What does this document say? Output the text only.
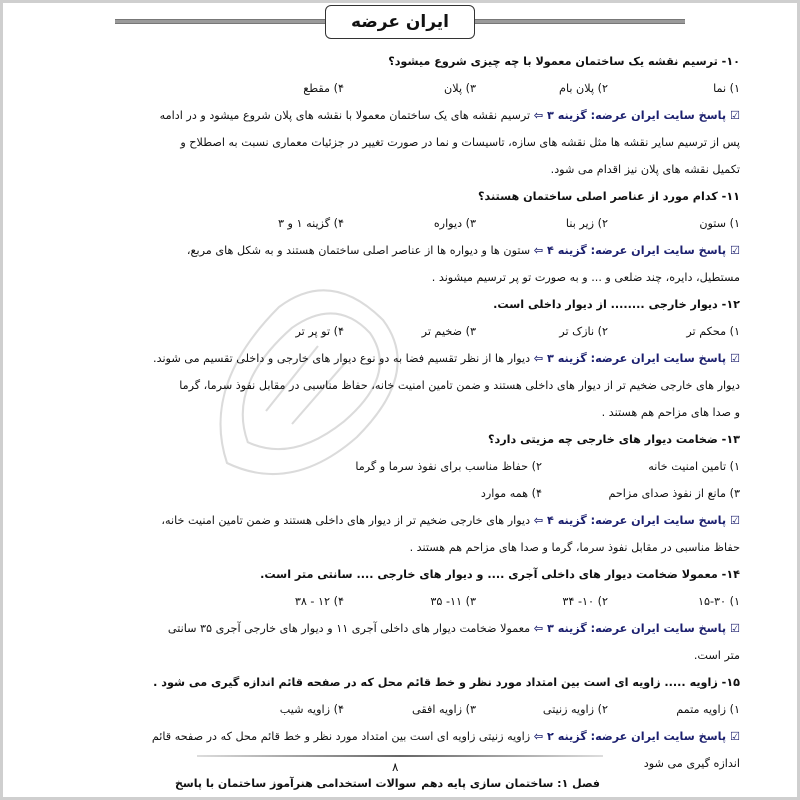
ایران عرضه
۱۰- ترسیم نقشه یک ساختمان معمولا با چه چیزی شروع میشود؟
۱) نما
۲) پلان بام
۳) پلان
۴) مقطع
☑ پاسخ سایت ایران عرضه: گزینه ۳ ⇦ ترسیم نقشه های یک ساختمان معمولا با نقشه های پلان شروع میشود و در ادامه
پس از ترسیم سایر نقشه ها مثل نقشه های سازه، تاسیسات و نما در صورت تغییر در جزئیات معماری نسبت به اصطلاح و
تکمیل نقشه های پلان نیز اقدام می شود.
۱۱- کدام مورد از عناصر اصلی ساختمان هستند؟
۱) ستون
۲) زیر بنا
۳) دیواره
۴) گزینه ۱ و ۳
☑ پاسخ سایت ایران عرضه: گزینه ۴ ⇦ ستون ها و دیواره ها از عناصر اصلی ساختمان هستند و به شکل های مربع،
مستطیل، دایره، چند ضلعی و ... و به صورت تو پر ترسیم میشوند .
۱۲- دیوار خارجی ........ از دیوار داخلی است.
۱) محکم تر
۲) نازک تر
۳) ضخیم تر
۴) تو پر تر
☑ پاسخ سایت ایران عرضه: گزینه ۳ ⇦ دیوار ها از نظر تقسیم فضا به دو نوع دیوار های خارجی و داخلی تقسیم می شوند.
دیوار های خارجی ضخیم تر از دیوار های داخلی هستند و ضمن تامین امنیت خانه، حفاظ مناسبی در مقابل نفوذ سرما، گرما
و صدا های مزاحم هم هستند .
۱۳- ضخامت دیوار های خارجی چه مزیتی دارد؟
۱) تامین امنیت خانه
۲) حفاظ مناسب برای نفوذ سرما و گرما
۳) مانع از نفوذ صدای مزاحم
۴) همه موارد
☑ پاسخ سایت ایران عرضه: گزینه ۴ ⇦ دیوار های خارجی ضخیم تر از دیوار های داخلی هستند و ضمن تامین امنیت خانه،
حفاظ مناسبی در مقابل نفوذ سرما، گرما و صدا های مزاحم هم هستند .
۱۴- معمولا ضخامت دیوار های داخلی آجری .... و دیوار های خارجی .... سانتی متر است.
۱) ۱۵-۳۰
۲) ۱۰- ۳۴
۳) ۱۱- ۳۵
۴) ۱۲ - ۳۸
☑ پاسخ سایت ایران عرضه: گزینه ۳ ⇦ معمولا ضخامت دیوار های داخلی آجری ۱۱ و دیوار های خارجی آجری ۳۵ سانتی
متر است.
۱۵- زاویه ..... زاویه ای است بین امتداد مورد نظر و خط قائم محل که در صفحه قائم اندازه گیری می شود .
۱) زاویه متمم
۲) زاویه زنیتی
۳) زاویه افقی
۴) زاویه شیب
☑ پاسخ سایت ایران عرضه: گزینه ۲ ⇦ زاویه زنیتی زاویه ای است بین امتداد مورد نظر و خط قائم محل که در صفحه قائم
اندازه گیری می شود
۸
سوالات استخدامی هنرآموز ساختمان با پاسخ فصل ۱: ساختمان سازی پایه دهم
